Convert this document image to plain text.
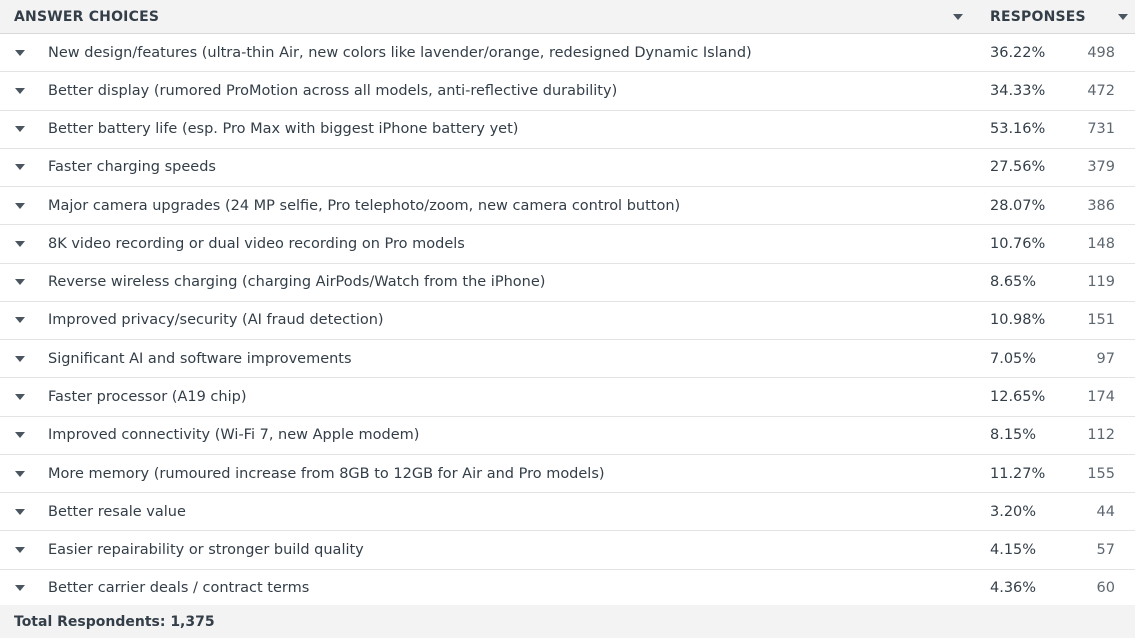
ANSWER CHOICES	RESPONSES
New design/features (ultra-thin Air, new colors like lavender/orange, redesigned Dynamic Island)	36.22%	498
Better display (rumored ProMotion across all models, anti-reflective durability)	34.33%	472
Better battery life (esp. Pro Max with biggest iPhone battery yet)	53.16%	731
Faster charging speeds	27.56%	379
Major camera upgrades (24 MP selfie, Pro telephoto/zoom, new camera control button)	28.07%	386
8K video recording or dual video recording on Pro models	10.76%	148
Reverse wireless charging (charging AirPods/Watch from the iPhone)	8.65%	119
Improved privacy/security (AI fraud detection)	10.98%	151
Significant AI and software improvements	7.05%	97
Faster processor (A19 chip)	12.65%	174
Improved connectivity (Wi-Fi 7, new Apple modem)	8.15%	112
More memory (rumoured increase from 8GB to 12GB for Air and Pro models)	11.27%	155
Better resale value	3.20%	44
Easier repairability or stronger build quality	4.15%	57
Better carrier deals / contract terms	4.36%	60
Total Respondents: 1,375
